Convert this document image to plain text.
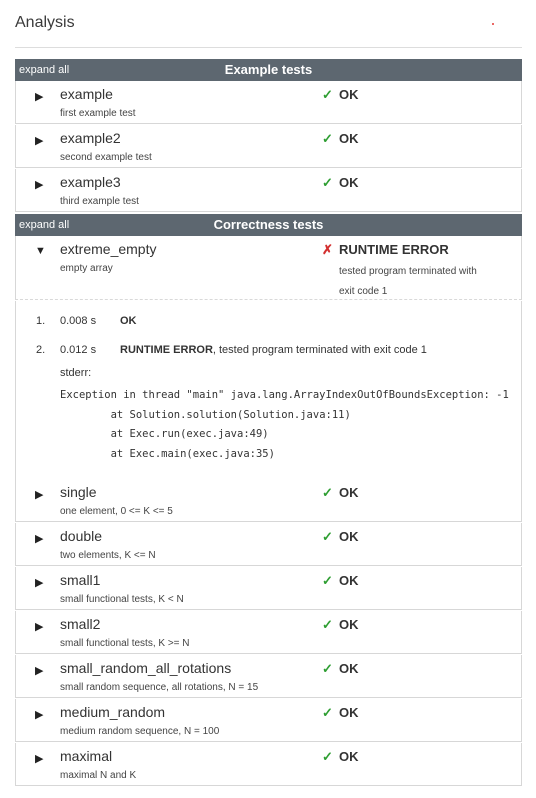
Analysis
expand all	Example tests
▶ example
first example test
✓ OK
▶ example2
second example test
✓ OK
▶ example3
third example test
✓ OK
expand all	Correctness tests
▼ extreme_empty
empty array
✗ RUNTIME ERROR
tested program terminated with
exit code 1
1.	0.008 s OK
2.	0.012 s RUNTIME ERROR, tested program terminated with exit code 1
stderr:
Exception in thread "main" java.lang.ArrayIndexOutOfBoundsException: -1
	at Solution.solution(Solution.java:11)
	at Exec.run(exec.java:49)
	at Exec.main(exec.java:35)
▶ single
one element, 0 <= K <= 5
✓ OK
▶ double
two elements, K <= N
✓ OK
▶ small1
small functional tests, K < N
✓ OK
▶ small2
small functional tests, K >= N
✓ OK
▶ small_random_all_rotations
small random sequence, all rotations, N = 15
✓ OK
▶ medium_random
medium random sequence, N = 100
✓ OK
▶ maximal
maximal N and K
✓ OK
